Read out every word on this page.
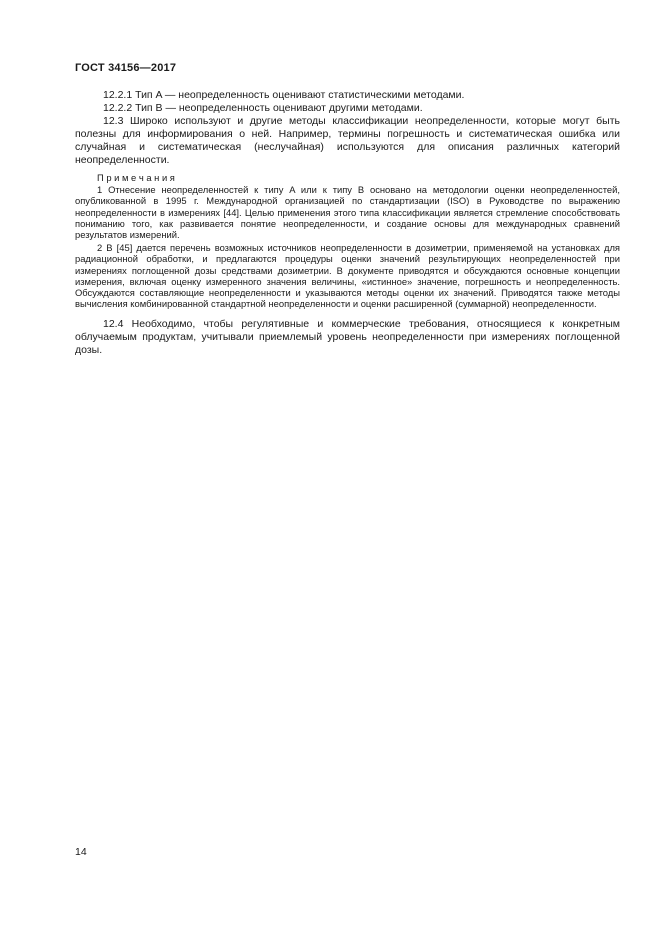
ГОСТ 34156—2017

12.2.1 Тип A — неопределенность оценивают статистическими методами.

12.2.2 Тип B — неопределенность оценивают другими методами.

12.3 Широко используют и другие методы классификации неопределенности, которые могут быть полезны для информирования о ней. Например, термины погрешность и систематическая ошибка или случайная и систематическая (неслучайная) используются для описания различных категорий неопределенности.

П р и м е ч а н и я

1 Отнесение неопределенностей к типу A или к типу B основано на методологии оценки неопределенностей, опубликованной в 1995 г. Международной организацией по стандартизации (ISO) в Руководстве по выражению неопределенности в измерениях [44]. Целью применения этого типа классификации является стремление способствовать пониманию того, как развивается понятие неопределенности, и создание основы для международных сравнений результатов измерений.

2 В [45] дается перечень возможных источников неопределенности в дозиметрии, применяемой на установках для радиационной обработки, и предлагаются процедуры оценки значений результирующих неопределенностей при измерениях поглощенной дозы средствами дозиметрии. В документе приводятся и обсуждаются основные концепции измерения, включая оценку измеренного значения величины, «истинное» значение, погрешность и неопределенность. Обсуждаются составляющие неопределенности и указываются методы оценки их значений. Приводятся также методы вычисления комбинированной стандартной неопределенности и оценки расширенной (суммарной) неопределенности.

12.4 Необходимо, чтобы регулятивные и коммерческие требования, относящиеся к конкретным облучаемым продуктам, учитывали приемлемый уровень неопределенности при измерениях поглощенной дозы.

14
